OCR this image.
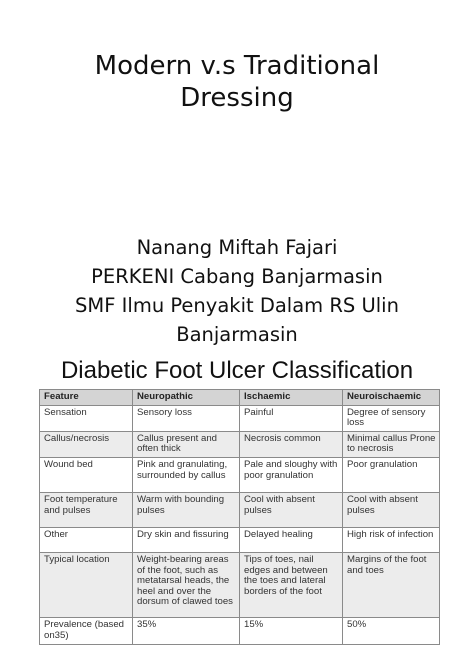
Modern v.s Traditional
Dressing
Nanang Miftah Fajari
PERKENI Cabang Banjarmasin
SMF Ilmu Penyakit Dalam RS Ulin Banjarmasin
Diabetic Foot Ulcer Classification
Feature	Neuropathic	Ischaemic	Neuroischaemic
Sensation	Sensory loss	Painful	Degree of sensory loss
Callus/necrosis	Callus present and often thick	Necrosis common	Minimal callus Prone to necrosis
Wound bed	Pink and granulating, surrounded by callus	Pale and sloughy with poor granulation	Poor granulation
Foot temperature and pulses	Warm with bounding pulses	Cool with absent pulses	Cool with absent pulses
Other	Dry skin and fissuring	Delayed healing	High risk of infection
Typical location	Weight-bearing areas of the foot, such as metatarsal heads, the heel and over the dorsum of clawed toes	Tips of toes, nail edges and between the toes and lateral borders of the foot	Margins of the foot and toes
Prevalence (based on35)	35%	15%	50%
